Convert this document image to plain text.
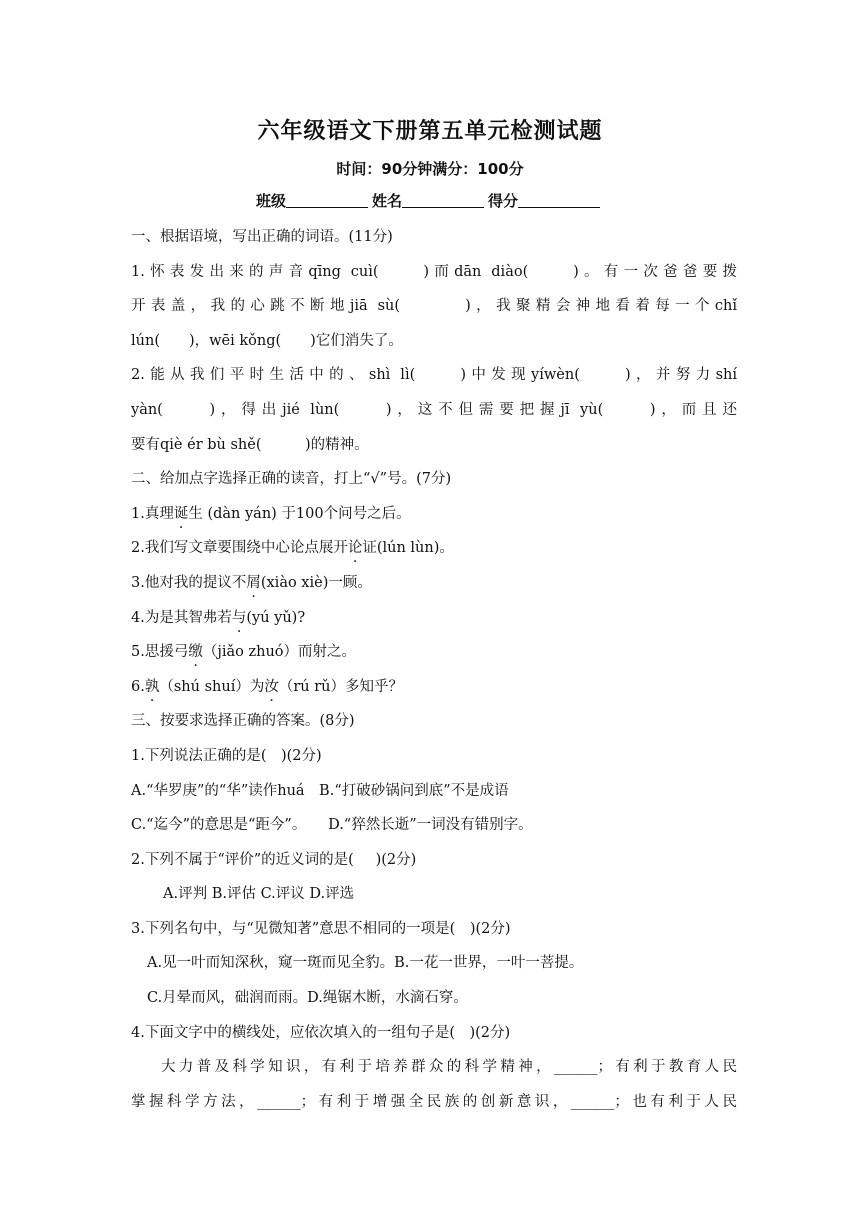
六年级语文下册第五单元检测试题
时间：90分钟满分：100分
班级	姓名	得分
一、根据语境，写出正确的词语。(11分)
1.怀表发出来的声音qīng cuì(　　)而dān diào(　　)。有一次爸爸要拨
开表盖，我的心跳不断地jiā sù(　　　)，我聚精会神地看着每一个chǐ
lún(　　)，wēi kǒng(　　)它们消失了。
2.能从我们平时生活中的、shì lì(　　)中发现yíwèn(　　)，并努力shí
yàn(　　)，得出jié lùn(　　)，这不但需要把握jī yù(　　)，而且还
要有qiè ér bù shě(　　　)的精神。
二、给加点字选择正确的读音，打上“√”号。(7分)
1.真理诞生 (dàn yán) 于100个问号之后。
2.我们写文章要围绕中心论点展开论证(lún lùn)。
3.他对我的提议不屑(xiào xiè)一顾。
4.为是其智弗若与(yú yǔ)?
5.思援弓缴（jiǎo zhuó）而射之。
6.孰（shú shuí）为汝（rú rǔ）多知乎？
三、按要求选择正确的答案。(8分)
1.下列说法正确的是(  )(2分)
A.“华罗庚”的“华”读作huá  B.“打破砂锅问到底”不是成语
C.“迄今”的意思是“距今”。   D.“猝然长逝”一词没有错别字。
2.下列不属于“评价”的近义词的是(   )(2分)
A.评判 B.评估 C.评议 D.评选
3.下列名句中，与“见微知著”意思不相同的一项是(  )(2分)
A.见一叶而知深秋，窥一斑而见全豹。B.一花一世界，一叶一菩提。
C.月晕而风，础润而雨。D.绳锯木断，水滴石穿。
4.下面文字中的横线处，应依次填入的一组句子是(  )(2分)
大力普及科学知识，有利于培养群众的科学精神，______；有利于教育人民
掌握科学方法，______；有利于增强全民族的创新意识，______；也有利于人民
